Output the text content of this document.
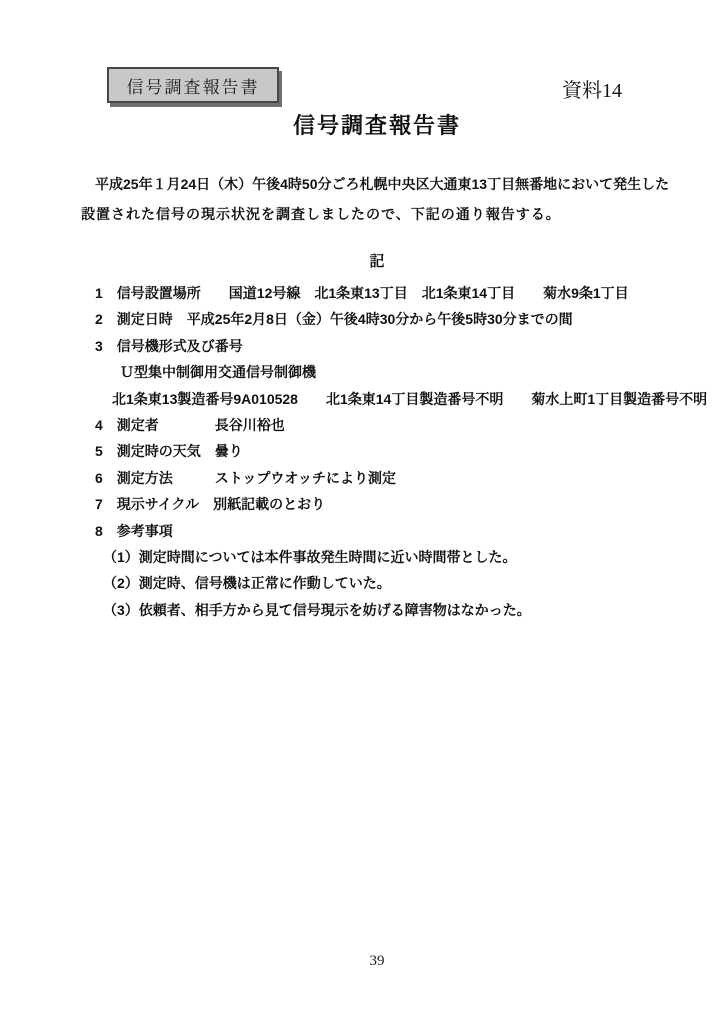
信号調査報告書	資料14
信号調査報告書
　平成25年１月24日（木）午後4時50分ごろ札幌中央区大通東13丁目無番地において発生した
設置された信号の現示状況を調査しましたので、下記の通り報告する。
記
1　信号設置場所　　国道12号線　北1条東13丁目　北1条東14丁目　　菊水9条1丁目
2　測定日時　平成25年2月8日（金）午後4時30分から午後5時30分までの間
3　信号機形式及び番号
Ｕ型集中制御用交通信号制御機
北1条東13製造番号9A010528　　北1条東14丁目製造番号不明　　菊水上町1丁目製造番号不明
4　測定者　　　　長谷川裕也
5　測定時の天気　曇り
6　測定方法　　　ストップウオッチにより測定
7　現示サイクル　別紙記載のとおり
8　参考事項
（1）測定時間については本件事故発生時間に近い時間帯とした。
（2）測定時、信号機は正常に作動していた。
（3）依頼者、相手方から見て信号現示を妨げる障害物はなかった。
39
